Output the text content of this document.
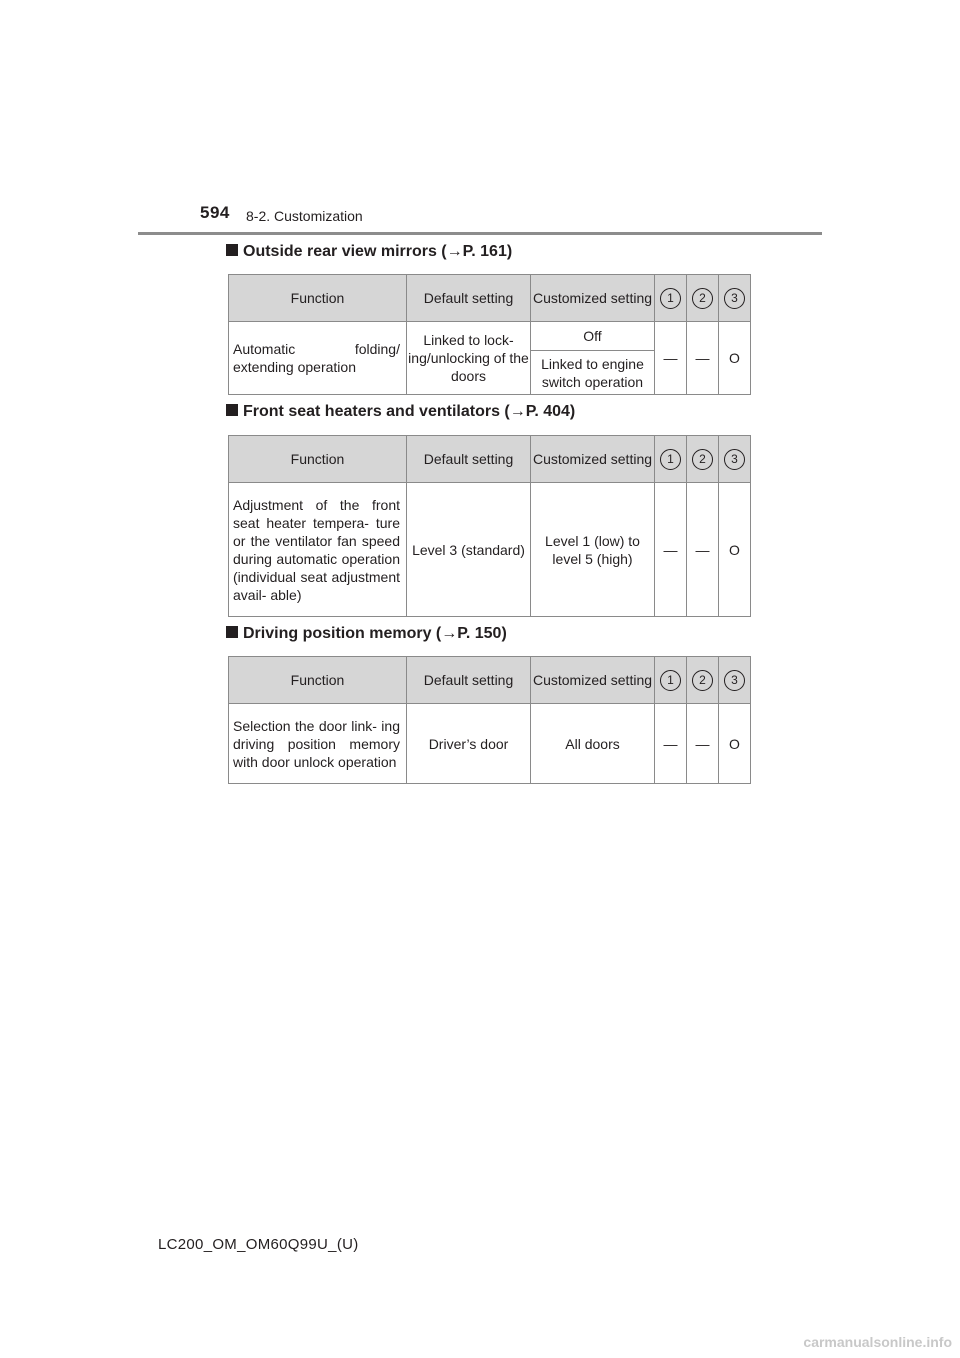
594 8-2. Customization
Outside rear view mirrors (→P. 161)
Function	Default setting	Customized setting	1	2	3
Automatic folding/ extending operation	Linked to lock- ing/unlocking of the doors	Off	—	—	O
		Linked to engine switch operation			
Front seat heaters and ventilators (→P. 404)
Function	Default setting	Customized setting	1	2	3
Adjustment of the front seat heater tempera- ture or the ventilator fan speed during automatic operation (individual seat adjustment avail- able)	Level 3 (standard)	Level 1 (low) to level 5 (high)	—	—	O
Driving position memory (→P. 150)
Function	Default setting	Customized setting	1	2	3
Selection the door link- ing driving position memory with door unlock operation	Driver’s door	All doors	—	—	O
LC200_OM_OM60Q99U_(U)
carmanualsonline.info
